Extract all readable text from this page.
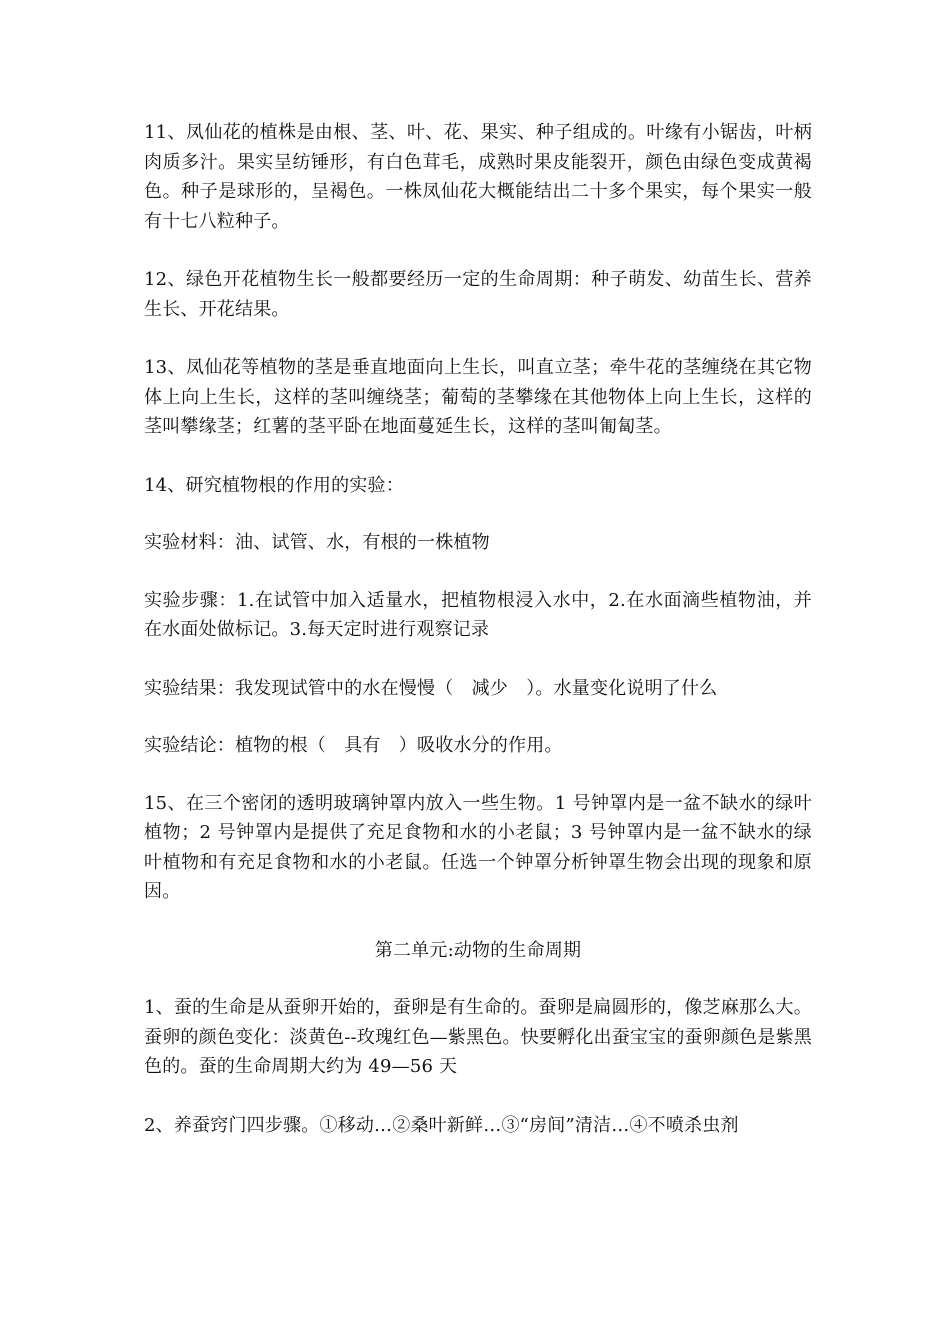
11、凤仙花的植株是由根、茎、叶、花、果实、种子组成的。叶缘有小锯齿，叶柄肉质多汁。果实呈纺锤形，有白色茸毛，成熟时果皮能裂开，颜色由绿色变成黄褐色。种子是球形的，呈褐色。一株凤仙花大概能结出二十多个果实，每个果实一般有十七八粒种子。

12、绿色开花植物生长一般都要经历一定的生命周期：种子萌发、幼苗生长、营养生长、开花结果。

13、凤仙花等植物的茎是垂直地面向上生长，叫直立茎；牵牛花的茎缠绕在其它物体上向上生长，这样的茎叫缠绕茎；葡萄的茎攀缘在其他物体上向上生长，这样的茎叫攀缘茎；红薯的茎平卧在地面蔓延生长，这样的茎叫匍匐茎。

14、研究植物根的作用的实验：

实验材料：油、试管、水，有根的一株植物

实验步骤：1.在试管中加入适量水，把植物根浸入水中，2.在水面滴些植物油，并在水面处做标记。3.每天定时进行观察记录

实验结果：我发现试管中的水在慢慢（　减少　）。水量变化说明了什么

实验结论：植物的根（　具有　）吸收水分的作用。

15、在三个密闭的透明玻璃钟罩内放入一些生物。1 号钟罩内是一盆不缺水的绿叶植物；2 号钟罩内是提供了充足食物和水的小老鼠；3 号钟罩内是一盆不缺水的绿叶植物和有充足食物和水的小老鼠。任选一个钟罩分析钟罩生物会出现的现象和原因。

第二单元:动物的生命周期

1、蚕的生命是从蚕卵开始的，蚕卵是有生命的。蚕卵是扁圆形的，像芝麻那么大。蚕卵的颜色变化：淡黄色--玫瑰红色—紫黑色。快要孵化出蚕宝宝的蚕卵颜色是紫黑色的。蚕的生命周期大约为 49—56 天

2、养蚕窍门四步骤。①移动…②桑叶新鲜…③“房间”清洁…④不喷杀虫剂
